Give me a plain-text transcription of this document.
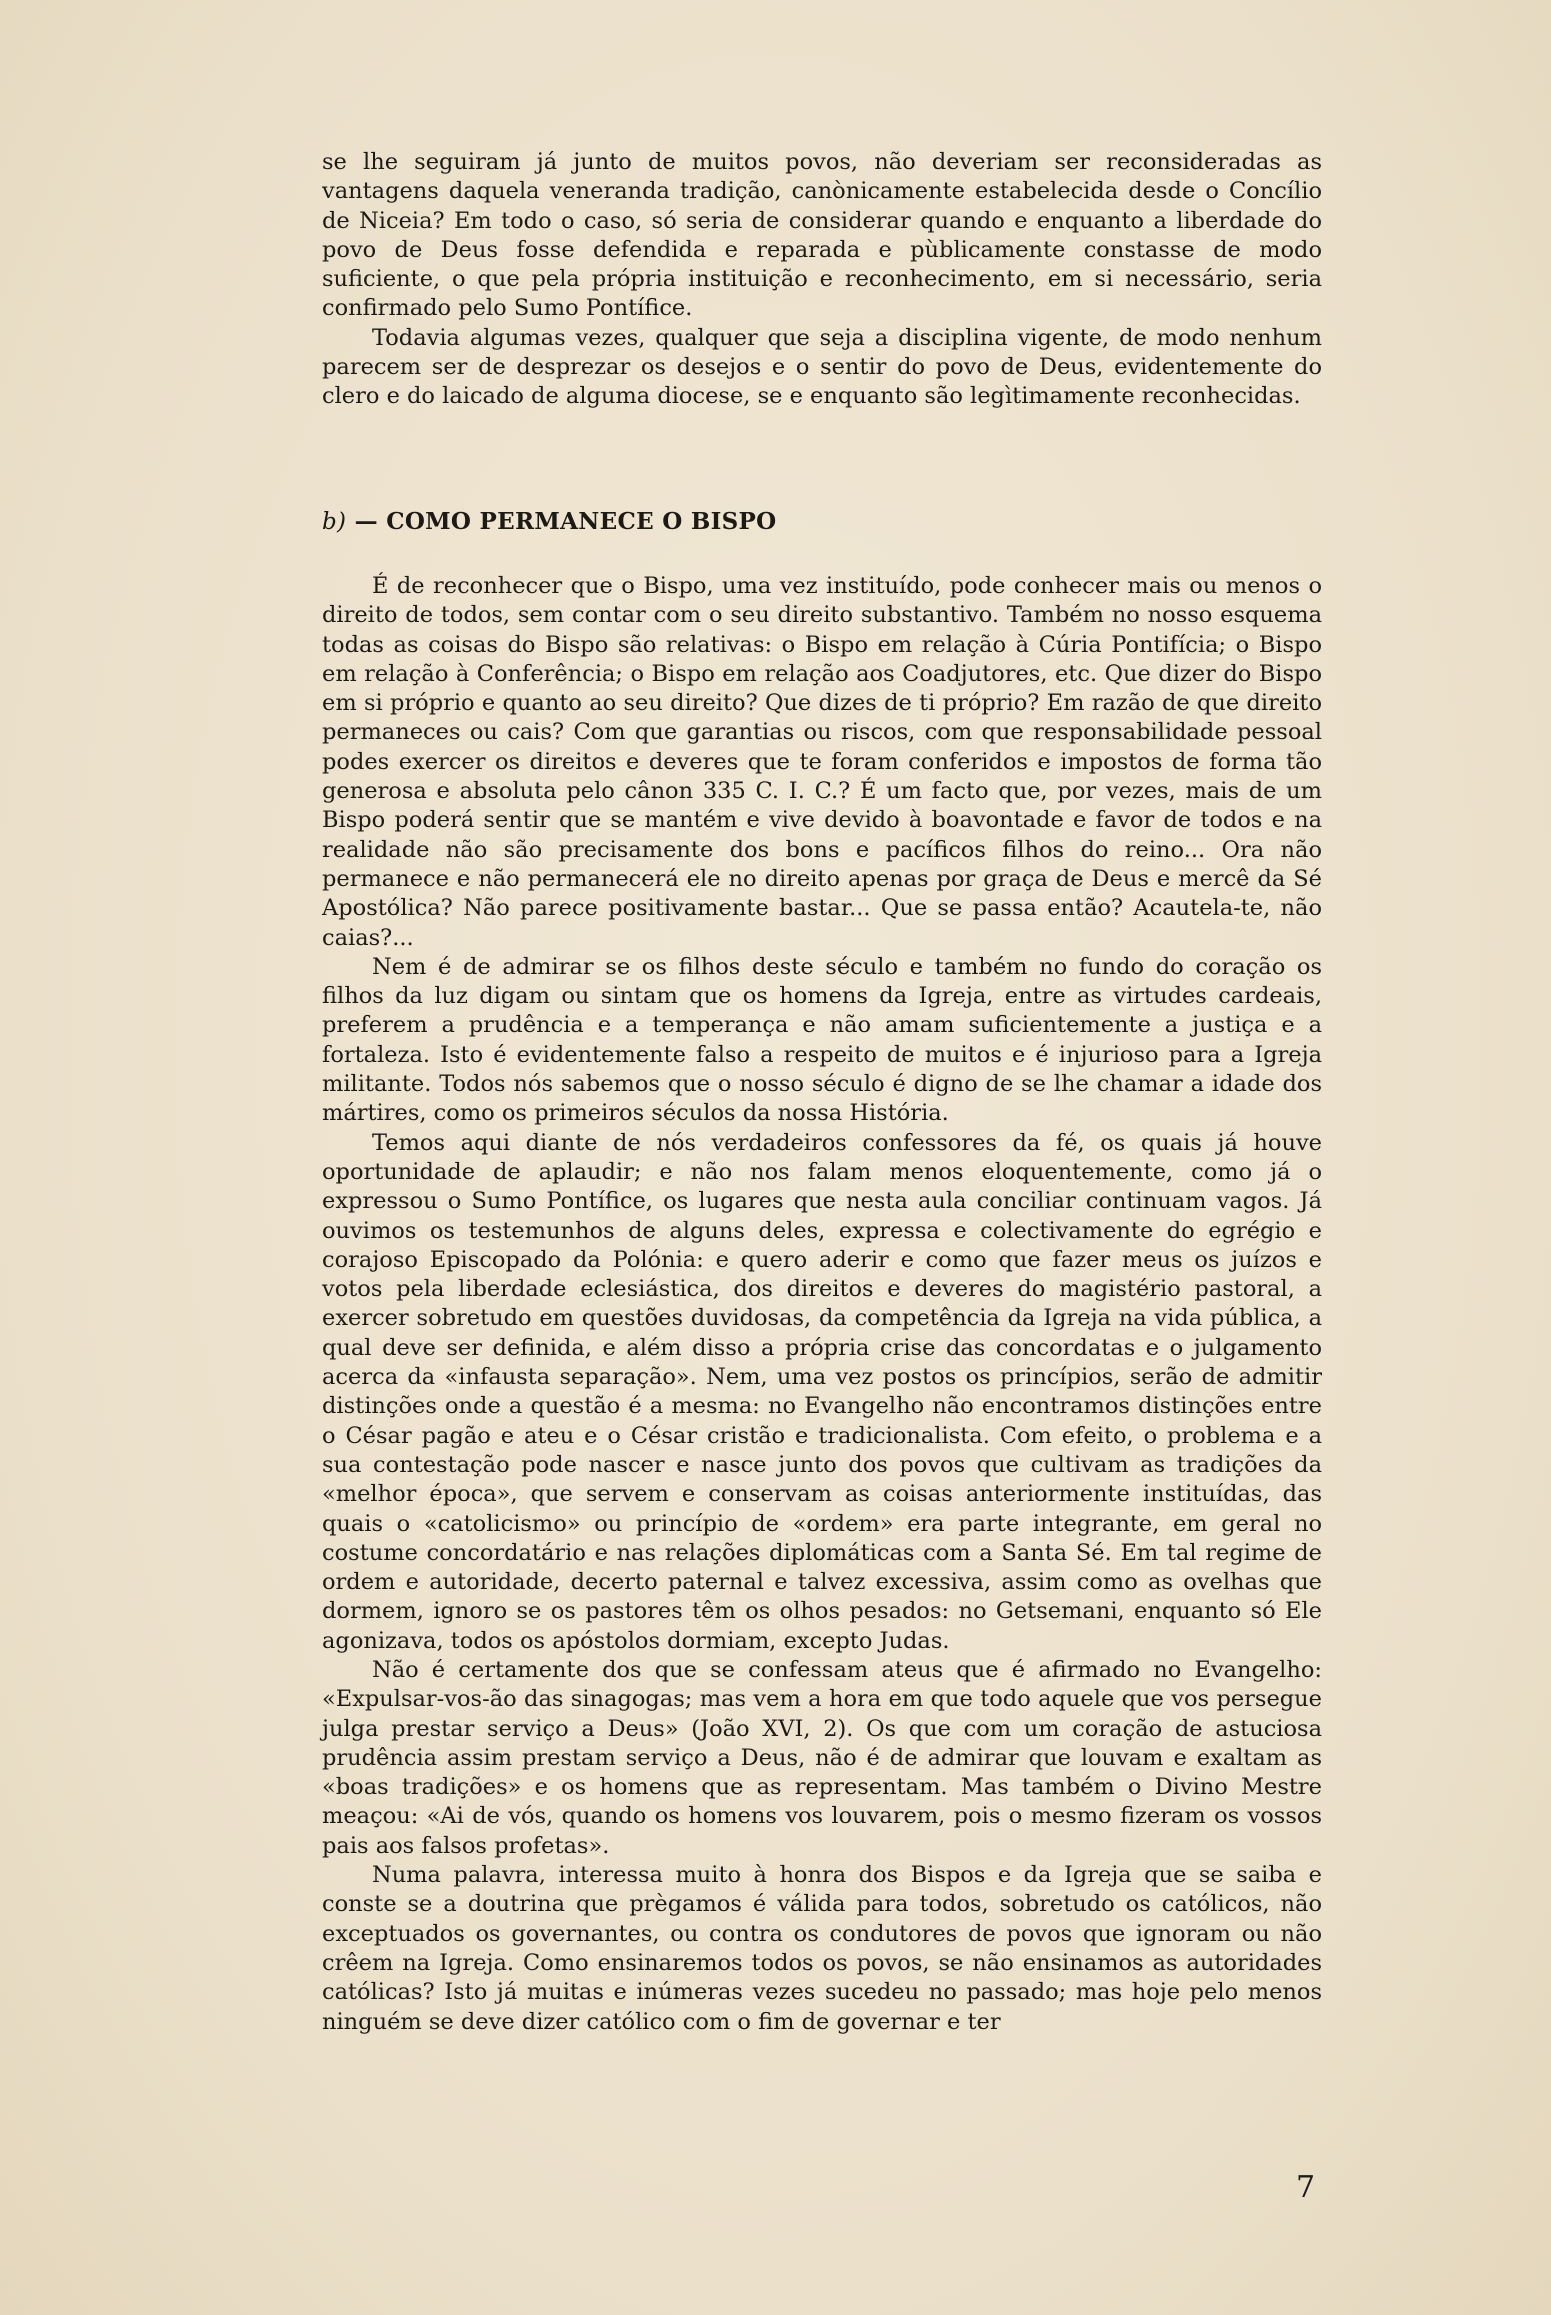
se lhe seguiram já junto de muitos povos, não deveriam ser reconsideradas as vantagens daquela veneranda tradição, canònicamente estabelecida desde o Concílio de Niceia? Em todo o caso, só seria de considerar quando e enquanto a liberdade do povo de Deus fosse defendida e reparada e pùblicamente constasse de modo suficiente, o que pela própria instituição e reconhecimento, em si necessário, seria confirmado pelo Sumo Pontífice.

Todavia algumas vezes, qualquer que seja a disciplina vigente, de modo nenhum parecem ser de desprezar os desejos e o sentir do povo de Deus, evidentemente do clero e do laicado de alguma diocese, se e enquanto são legìtimamente reconhecidas.

b) — COMO PERMANECE O BISPO

É de reconhecer que o Bispo, uma vez instituído, pode conhecer mais ou menos o direito de todos, sem contar com o seu direito substantivo. Também no nosso esquema todas as coisas do Bispo são relativas: o Bispo em relação à Cúria Pontifícia; o Bispo em relação à Conferência; o Bispo em relação aos Coadjutores, etc. Que dizer do Bispo em si próprio e quanto ao seu direito? Que dizes de ti próprio? Em razão de que direito permaneces ou cais? Com que garantias ou riscos, com que responsabilidade pessoal podes exercer os direitos e deveres que te foram conferidos e impostos de forma tão generosa e absoluta pelo cânon 335 C. I. C.? É um facto que, por vezes, mais de um Bispo poderá sentir que se mantém e vive devido à boavontade e favor de todos e na realidade não são precisamente dos bons e pacíficos filhos do reino... Ora não permanece e não permanecerá ele no direito apenas por graça de Deus e mercê da Sé Apostólica? Não parece positivamente bastar... Que se passa então? Acautela-te, não caias?...

Nem é de admirar se os filhos deste século e também no fundo do coração os filhos da luz digam ou sintam que os homens da Igreja, entre as virtudes cardeais, preferem a prudência e a temperança e não amam suficientemente a justiça e a fortaleza. Isto é evidentemente falso a respeito de muitos e é injurioso para a Igreja militante. Todos nós sabemos que o nosso século é digno de se lhe chamar a idade dos mártires, como os primeiros séculos da nossa História.

Temos aqui diante de nós verdadeiros confessores da fé, os quais já houve oportunidade de aplaudir; e não nos falam menos eloquentemente, como já o expressou o Sumo Pontífice, os lugares que nesta aula conciliar continuam vagos. Já ouvimos os testemunhos de alguns deles, expressa e colectivamente do egrégio e corajoso Episcopado da Polónia: e quero aderir e como que fazer meus os juízos e votos pela liberdade eclesiástica, dos direitos e deveres do magistério pastoral, a exercer sobretudo em questões duvidosas, da competência da Igreja na vida pública, a qual deve ser definida, e além disso a própria crise das concordatas e o julgamento acerca da «infausta separação». Nem, uma vez postos os princípios, serão de admitir distinções onde a questão é a mesma: no Evangelho não encontramos distinções entre o César pagão e ateu e o César cristão e tradicionalista. Com efeito, o problema e a sua contestação pode nascer e nasce junto dos povos que cultivam as tradições da «melhor época», que servem e conservam as coisas anteriormente instituídas, das quais o «catolicismo» ou princípio de «ordem» era parte integrante, em geral no costume concordatário e nas relações diplomáticas com a Santa Sé. Em tal regime de ordem e autoridade, decerto paternal e talvez excessiva, assim como as ovelhas que dormem, ignoro se os pastores têm os olhos pesados: no Getsemani, enquanto só Ele agonizava, todos os apóstolos dormiam, excepto Judas.

Não é certamente dos que se confessam ateus que é afirmado no Evangelho: «Expulsar-vos-ão das sinagogas; mas vem a hora em que todo aquele que vos persegue julga prestar serviço a Deus» (João XVI, 2). Os que com um coração de astuciosa prudência assim prestam serviço a Deus, não é de admirar que louvam e exaltam as «boas tradições» e os homens que as representam. Mas também o Divino Mestre meaçou: «Ai de vós, quando os homens vos louvarem, pois o mesmo fizeram os vossos pais aos falsos profetas».

Numa palavra, interessa muito à honra dos Bispos e da Igreja que se saiba e conste se a doutrina que prègamos é válida para todos, sobretudo os católicos, não exceptuados os governantes, ou contra os condutores de povos que ignoram ou não crêem na Igreja. Como ensinaremos todos os povos, se não ensinamos as autoridades católicas? Isto já muitas e inúmeras vezes sucedeu no passado; mas hoje pelo menos ninguém se deve dizer católico com o fim de governar e ter

7
